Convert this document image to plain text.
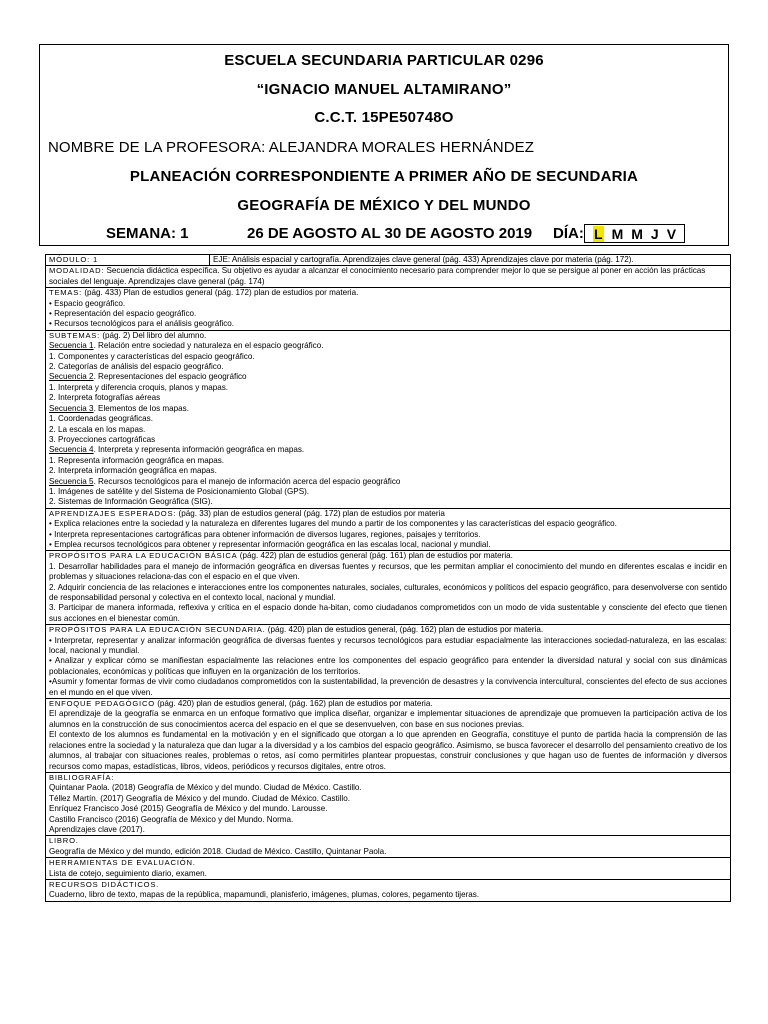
ESCUELA SECUNDARIA PARTICULAR 0296
“IGNACIO MANUEL ALTAMIRANO”
C.C.T. 15PE50748O
NOMBRE DE LA PROFESORA: ALEJANDRA MORALES HERNÁNDEZ
PLANEACIÓN CORRESPONDIENTE A PRIMER AÑO DE SECUNDARIA
GEOGRAFÍA DE MÉXICO Y DEL MUNDO
SEMANA: 1	26 DE AGOSTO AL 30 DE AGOSTO 2019 DÍA: L M M J V
MÓDULO: 1	EJE: Análisis espacial y cartografía. Aprendizajes clave general (pág. 433) Aprendizajes clave por materia (pág. 172).
MODALIDAD: Secuencia didáctica específica. Su objetivo es ayudar a alcanzar el conocimiento necesario para comprender mejor lo que se persigue al poner en acción las prácticas sociales del lenguaje. Aprendizajes clave general (pág. 174)
TEMAS: (pág. 433) Plan de estudios general (pág. 172) plan de estudios por materia.
• Espacio geográfico.
• Representación del espacio geográfico.
• Recursos tecnológicos para el análisis geográfico.
SUBTEMAS: (pág. 2) Del libro del alumno.
Secuencia 1. Relación entre sociedad y naturaleza en el espacio geográfico.
1. Componentes y características del espacio geográfico.
2. Categorías de análisis del espacio geográfico.
Secuencia 2. Representaciones del espacio geográfico
1. Interpreta y diferencia croquis, planos y mapas.
2. Interpreta fotografías aéreas
Secuencia 3. Elementos de los mapas.
1. Coordenadas geográficas.
2. La escala en los mapas.
3. Proyecciones cartográficas
Secuencia 4. Interpreta y representa información geográfica en mapas.
1. Representa información geográfica en mapas.
2. Interpreta información geográfica en mapas.
Secuencia 5. Recursos tecnológicos para el manejo de información acerca del espacio geográfico
1. Imágenes de satélite y del Sistema de Posicionamiento Global (GPS).
2. Sistemas de Información Geográfica (SIG).
APRENDIZAJES ESPERADOS: (pág. 33) plan de estudios general (pág. 172) plan de estudios por materia
• Explica relaciones entre la sociedad y la naturaleza en diferentes lugares del mundo a partir de los componentes y las características del espacio geográfico.
• Interpreta representaciones cartográficas para obtener información de diversos lugares, regiones, paisajes y territorios.
• Emplea recursos tecnológicos para obtener y representar información geográfica en las escalas local, nacional y mundial.
PROPÓSITOS PARA LA EDUCACIÓN BÁSICA (pág. 422) plan de estudios general (pág. 161) plan de estudios por materia.
1. Desarrollar habilidades para el manejo de información geográfica en diversas fuentes y recursos, que les permitan ampliar el conocimiento del mundo en diferentes escalas e incidir en problemas y situaciones relaciona-das con el espacio en el que viven.
2. Adquirir conciencia de las relaciones e interacciones entre los componentes naturales, sociales, culturales, económicos y políticos del espacio geográfico, para desenvolverse con sentido de responsabilidad personal y colectiva en el contexto local, nacional y mundial.
3. Participar de manera informada, reflexiva y crítica en el espacio donde ha-bitan, como ciudadanos comprometidos con un modo de vida sustentable y consciente del efecto que tienen sus acciones en el bienestar común.
PROPÓSITOS PARA LA EDUCACIÓN SECUNDARIA. (pág. 420) plan de estudios general, (pág. 162) plan de estudios por materia.
• Interpretar, representar y analizar información geográfica de diversas fuentes y recursos tecnológicos para estudiar espacialmente las interacciones sociedad-naturaleza, en las escalas: local, nacional y mundial.
• Analizar y explicar cómo se manifiestan espacialmente las relaciones entre los componentes del espacio geográfico para entender la diversidad natural y social con sus dinámicas poblacionales, económicas y políticas que influyen en la organización de los territorios.
•Asumir y fomentar formas de vivir como ciudadanos comprometidos con la sustentabilidad, la prevención de desastres y la convivencia intercultural, conscientes del efecto de sus acciones en el mundo en el que viven.
ENFOQUE PEDAGÓGICO (pág. 420) plan de estudios general, (pág. 162) plan de estudios por materia.
El aprendizaje de la geografía se enmarca en un enfoque formativo que implica diseñar, organizar e implementar situaciones de aprendizaje que promueven la participación activa de los alumnos en la construcción de sus conocimientos acerca del espacio en el que se desenvuelven, con base en sus nociones previas.
El contexto de los alumnos es fundamental en la motivación y en el significado que otorgan a lo que aprenden en Geografía, constituye el punto de partida hacia la comprensión de las relaciones entre la sociedad y la naturaleza que dan lugar a la diversidad y a los cambios del espacio geográfico. Asimismo, se busca favorecer el desarrollo del pensamiento creativo de los alumnos, al trabajar con situaciones reales, problemas o retos, así como permitirles plantear propuestas, construir conclusiones y que hagan uso de fuentes de información y diversos recursos como mapas, estadísticas, libros, videos, periódicos y recursos digitales, entre otros.
BIBLIOGRAFÍA:
Quintanar Paola. (2018) Geografía de México y del mundo. Ciudad de México. Castillo.
Téllez Martín. (2017) Geografía de México y del mundo. Ciudad de México. Castillo.
Enríquez Francisco José (2015) Geografía de México y del mundo. Larousse.
Castillo Francisco (2016) Geografía de México y del Mundo. Norma.
Aprendizajes clave (2017).
LIBRO.
Geografía de México y del mundo, edición 2018. Ciudad de México. Castillo, Quintanar Paola.
HERRAMIENTAS DE EVALUACIÓN.
Lista de cotejo, seguimiento diario, examen.
RECURSOS DIDÁCTICOS.
Cuaderno, libro de texto, mapas de la república, mapamundi, planisferio, imágenes, plumas, colores, pegamento tijeras.
